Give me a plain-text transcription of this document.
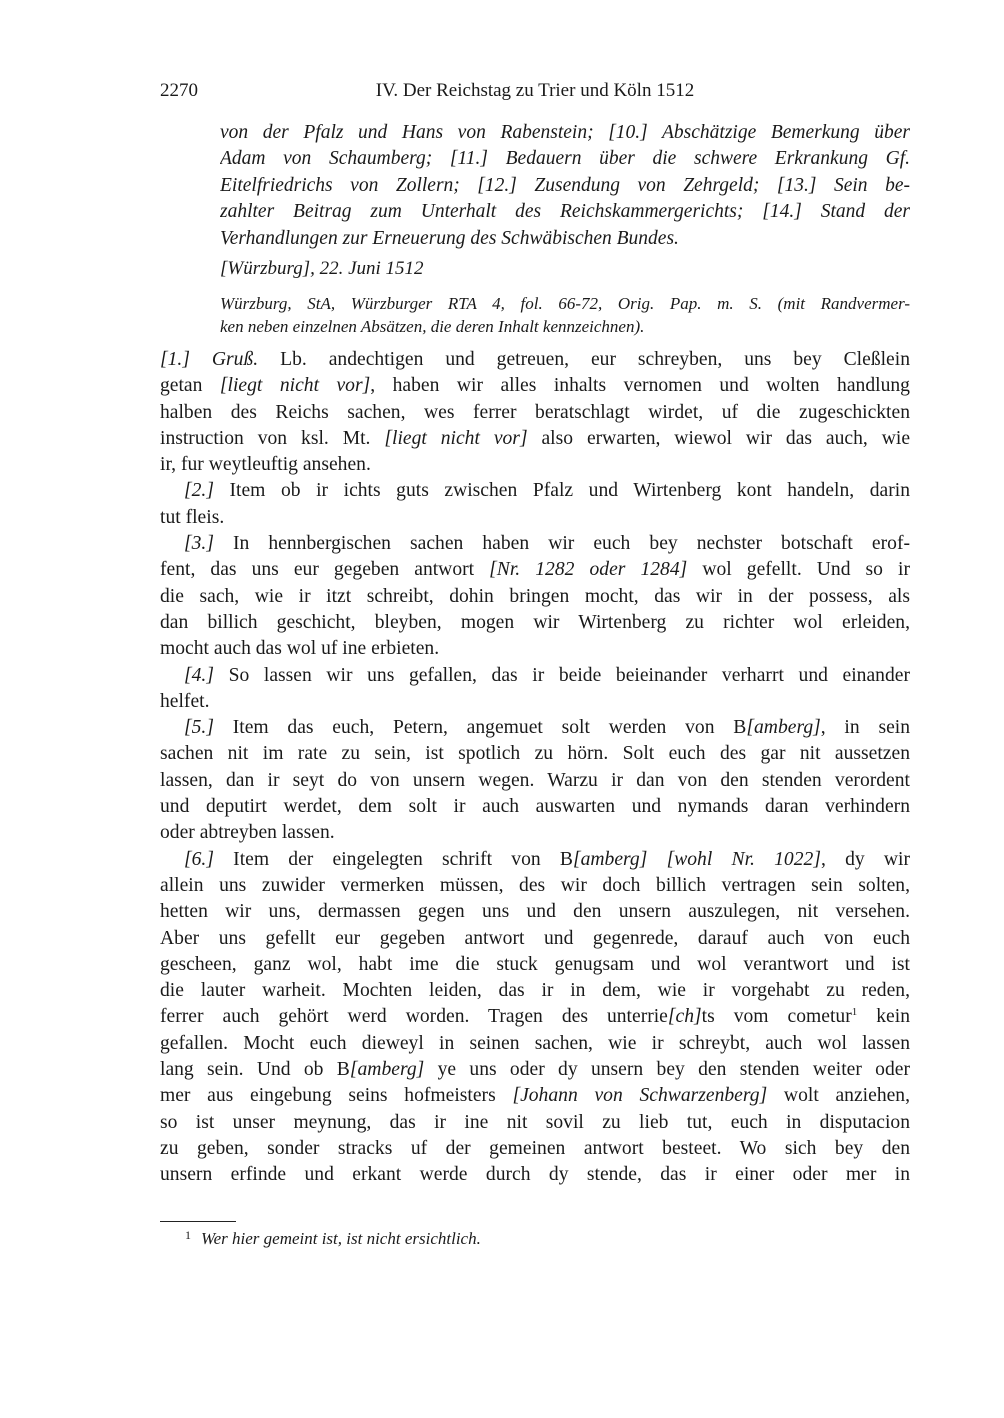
2270	IV. Der Reichstag zu Trier und Köln 1512
von der Pfalz und Hans von Rabenstein; [10.] Abschätzige Bemerkung über
Adam von Schaumberg; [11.] Bedauern über die schwere Erkrankung Gf.
Eitelfriedrichs von Zollern; [12.] Zusendung von Zehrgeld; [13.] Sein be-
zahlter Beitrag zum Unterhalt des Reichskammergerichts; [14.] Stand der
Verhandlungen zur Erneuerung des Schwäbischen Bundes.
[Würzburg], 22. Juni 1512
Würzburg, StA, Würzburger RTA 4, fol. 66-72, Orig. Pap. m. S. (mit Randvermer-
ken neben einzelnen Absätzen, die deren Inhalt kennzeichnen).
[1.] Gruß. Lb. andechtigen und getreuen, eur schreyben, uns bey Cleßlein
getan [liegt nicht vor], haben wir alles inhalts vernomen und wolten handlung
halben des Reichs sachen, wes ferrer beratschlagt wirdet, uf die zugeschickten
instruction von ksl. Mt. [liegt nicht vor] also erwarten, wiewol wir das auch, wie
ir, fur weytleuftig ansehen.
[2.] Item ob ir ichts guts zwischen Pfalz und Wirtenberg kont handeln, darin
tut fleis.
[3.] In hennbergischen sachen haben wir euch bey nechster botschaft erof-
fent, das uns eur gegeben antwort [Nr. 1282 oder 1284] wol gefellt. Und so ir
die sach, wie ir itzt schreibt, dohin bringen mocht, das wir in der possess, als
dan billich geschicht, bleyben, mogen wir Wirtenberg zu richter wol erleiden,
mocht auch das wol uf ine erbieten.
[4.] So lassen wir uns gefallen, das ir beide beieinander verharrt und einander
helfet.
[5.] Item das euch, Petern, angemuet solt werden von B[amberg], in sein
sachen nit im rate zu sein, ist spotlich zu hörn. Solt euch des gar nit aussetzen
lassen, dan ir seyt do von unsern wegen. Warzu ir dan von den stenden verordent
und deputirt werdet, dem solt ir auch auswarten und nymands daran verhindern
oder abtreyben lassen.
[6.] Item der eingelegten schrift von B[amberg] [wohl Nr. 1022], dy wir
allein uns zuwider vermerken müssen, des wir doch billich vertragen sein solten,
hetten wir uns, dermassen gegen uns und den unsern auszulegen, nit versehen.
Aber uns gefellt eur gegeben antwort und gegenrede, darauf auch von euch
gescheen, ganz wol, habt ime die stuck genugsam und wol verantwort und ist
die lauter warheit. Mochten leiden, das ir in dem, wie ir vorgehabt zu reden,
ferrer auch gehört werd worden. Tragen des unterrie[ch]ts vom cometur$^1$ kein
gefallen. Mocht euch dieweyl in seinen sachen, wie ir schreybt, auch wol lassen
lang sein. Und ob B[amberg] ye uns oder dy unsern bey den stenden weiter oder
mer aus eingebung seins hofmeisters [Johann von Schwarzenberg] wolt anziehen,
so ist unser meynung, das ir ine nit sovil zu lieb tut, euch in disputacion
zu geben, sonder stracks uf der gemeinen antwort besteet. Wo sich bey den
unsern erfinde und erkant werde durch dy stende, das ir einer oder mer in
$^1$ Wer hier gemeint ist, ist nicht ersichtlich.
